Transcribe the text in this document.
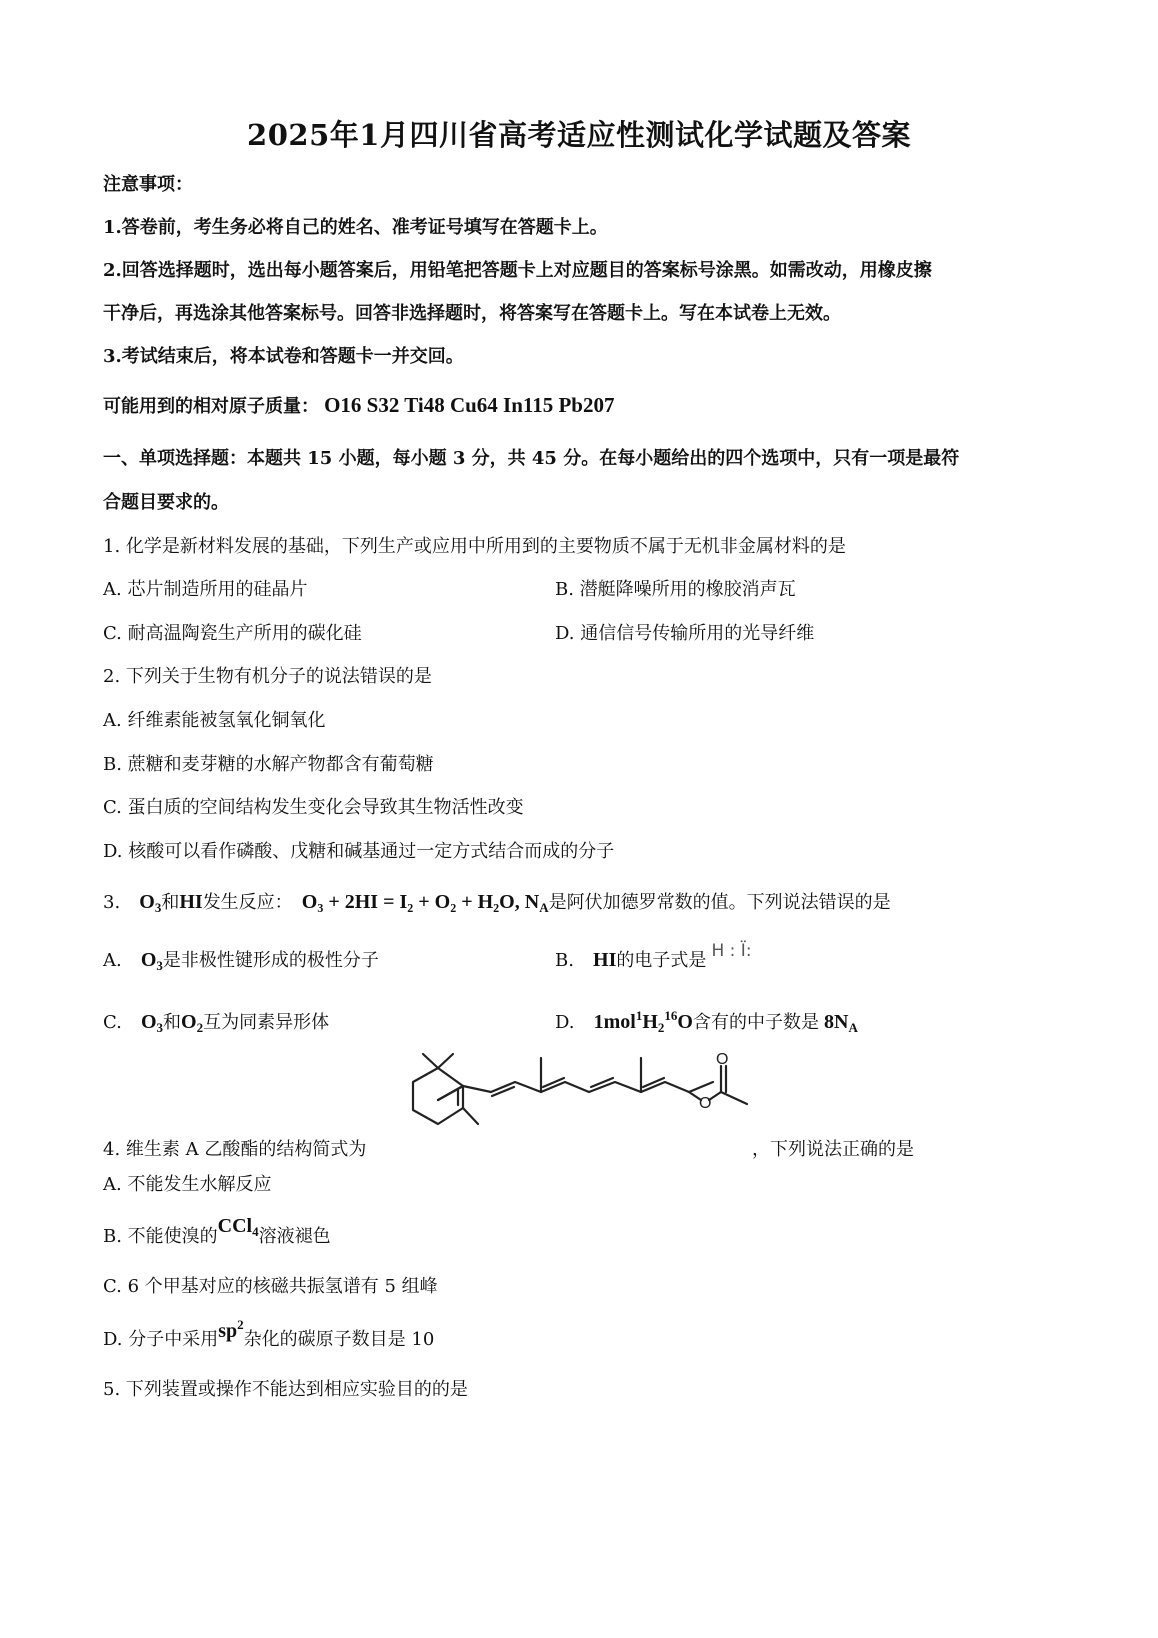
2025年1月四川省高考适应性测试化学试题及答案
注意事项：
1.答卷前，考生务必将自己的姓名、准考证号填写在答题卡上。
2.回答选择题时，选出每小题答案后，用铅笔把答题卡上对应题目的答案标号涂黑。如需改动，用橡皮擦
干净后，再选涂其他答案标号。回答非选择题时，将答案写在答题卡上。写在本试卷上无效。
3.考试结束后，将本试卷和答题卡一并交回。
可能用到的相对原子质量： O16 S32 Ti48 Cu64 In115 Pb207
一、单项选择题：本题共 15 小题，每小题 3 分，共 45 分。在每小题给出的四个选项中，只有一项是最符
合题目要求的。
1. 化学是新材料发展的基础，下列生产或应用中所用到的主要物质不属于无机非金属材料的是
A. 芯片制造所用的硅晶片	B. 潜艇降噪所用的橡胶消声瓦
C. 耐高温陶瓷生产所用的碳化硅	D. 通信信号传输所用的光导纤维
2. 下列关于生物有机分子的说法错误的是
A. 纤维素能被氢氧化铜氧化
B. 蔗糖和麦芽糖的水解产物都含有葡萄糖
C. 蛋白质的空间结构发生变化会导致其生物活性改变
D. 核酸可以看作磷酸、戊糖和碱基通过一定方式结合而成的分子
3. $O_3$和HI发生反应： O₃ + 2HI = I₂ + O₂ + H₂O, $N_A$是阿伏加德罗常数的值。下列说法错误的是
A. $O_3$是非极性键形成的极性分子	B. HI的电子式是 H : Ï:
C. $O_3$和$O_2$互为同素异形体	D. $1mol^1H_2^{16}O$含有的中子数是 $8N_A$
O
O
4. 维生素 A 乙酸酯的结构简式为	，下列说法正确的是
A. 不能发生水解反应
B. 不能使溴的CCl$_4$溶液褪色
C. 6 个甲基对应的核磁共振氢谱有 5 组峰
D. 分子中采用$sp^2$杂化的碳原子数目是 10
5. 下列装置或操作不能达到相应实验目的的是
